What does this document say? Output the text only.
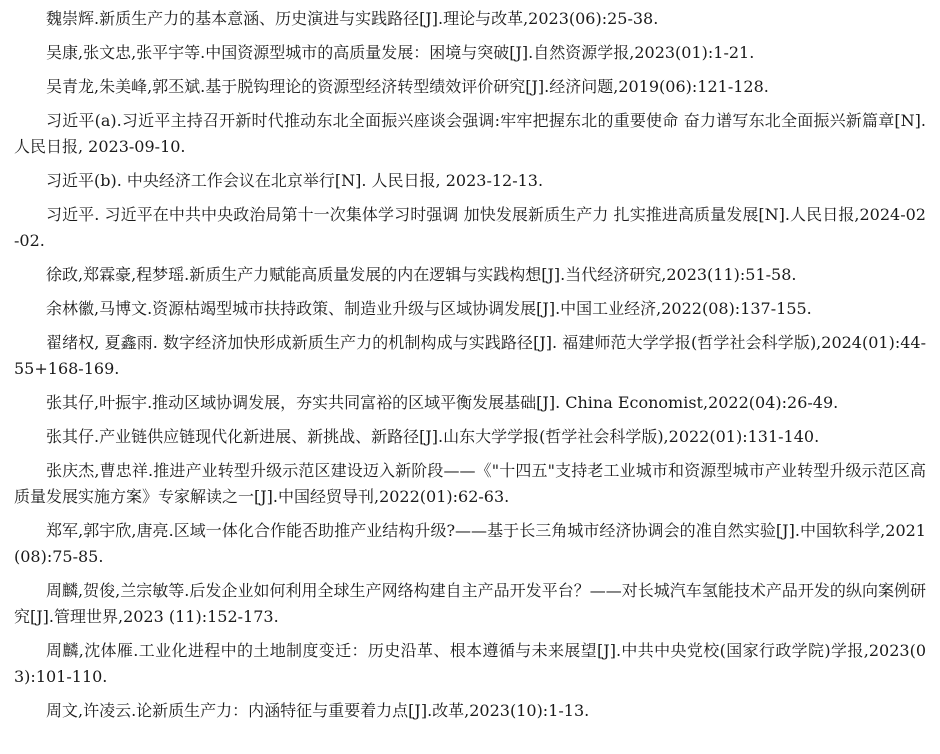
魏崇辉.新质生产力的基本意涵、历史演进与实践路径[J].理论与改革,2023(06):25-38.
吴康,张文忠,张平宇等.中国资源型城市的高质量发展：困境与突破[J].自然资源学报,2023(01):1-21.
吴青龙,朱美峰,郭丕斌.基于脱钩理论的资源型经济转型绩效评价研究[J].经济问题,2019(06):121-128.
习近平(a).习近平主持召开新时代推动东北全面振兴座谈会强调:牢牢把握东北的重要使命 奋力谱写东北全面振兴新篇章[N].人民日报, 2023-09-10.
习近平(b). 中央经济工作会议在北京举行[N]. 人民日报, 2023-12-13.
习近平. 习近平在中共中央政治局第十一次集体学习时强调 加快发展新质生产力 扎实推进高质量发展[N].人民日报,2024-02-02.
徐政,郑霖豪,程梦瑶.新质生产力赋能高质量发展的内在逻辑与实践构想[J].当代经济研究,2023(11):51-58.
余林徽,马博文.资源枯竭型城市扶持政策、制造业升级与区域协调发展[J].中国工业经济,2022(08):137-155.
翟绪权, 夏鑫雨. 数字经济加快形成新质生产力的机制构成与实践路径[J]. 福建师范大学学报(哲学社会科学版),2024(01):44-55+168-169.
张其仔,叶振宇.推动区域协调发展，夯实共同富裕的区域平衡发展基础[J]. China Economist,2022(04):26-49.
张其仔.产业链供应链现代化新进展、新挑战、新路径[J].山东大学学报(哲学社会科学版),2022(01):131-140.
张庆杰,曹忠祥.推进产业转型升级示范区建设迈入新阶段——《"十四五"支持老工业城市和资源型城市产业转型升级示范区高质量发展实施方案》专家解读之一[J].中国经贸导刊,2022(01):62-63.
郑军,郭宇欣,唐亮.区域一体化合作能否助推产业结构升级?——基于长三角城市经济协调会的准自然实验[J].中国软科学,2021(08):75-85.
周麟,贺俊,兰宗敏等.后发企业如何利用全球生产网络构建自主产品开发平台？——对长城汽车氢能技术产品开发的纵向案例研究[J].管理世界,2023 (11):152-173.
周麟,沈体雁.工业化进程中的土地制度变迁：历史沿革、根本遵循与未来展望[J].中共中央党校(国家行政学院)学报,2023(03):101-110.
周文,许凌云.论新质生产力：内涵特征与重要着力点[J].改革,2023(10):1-13.
